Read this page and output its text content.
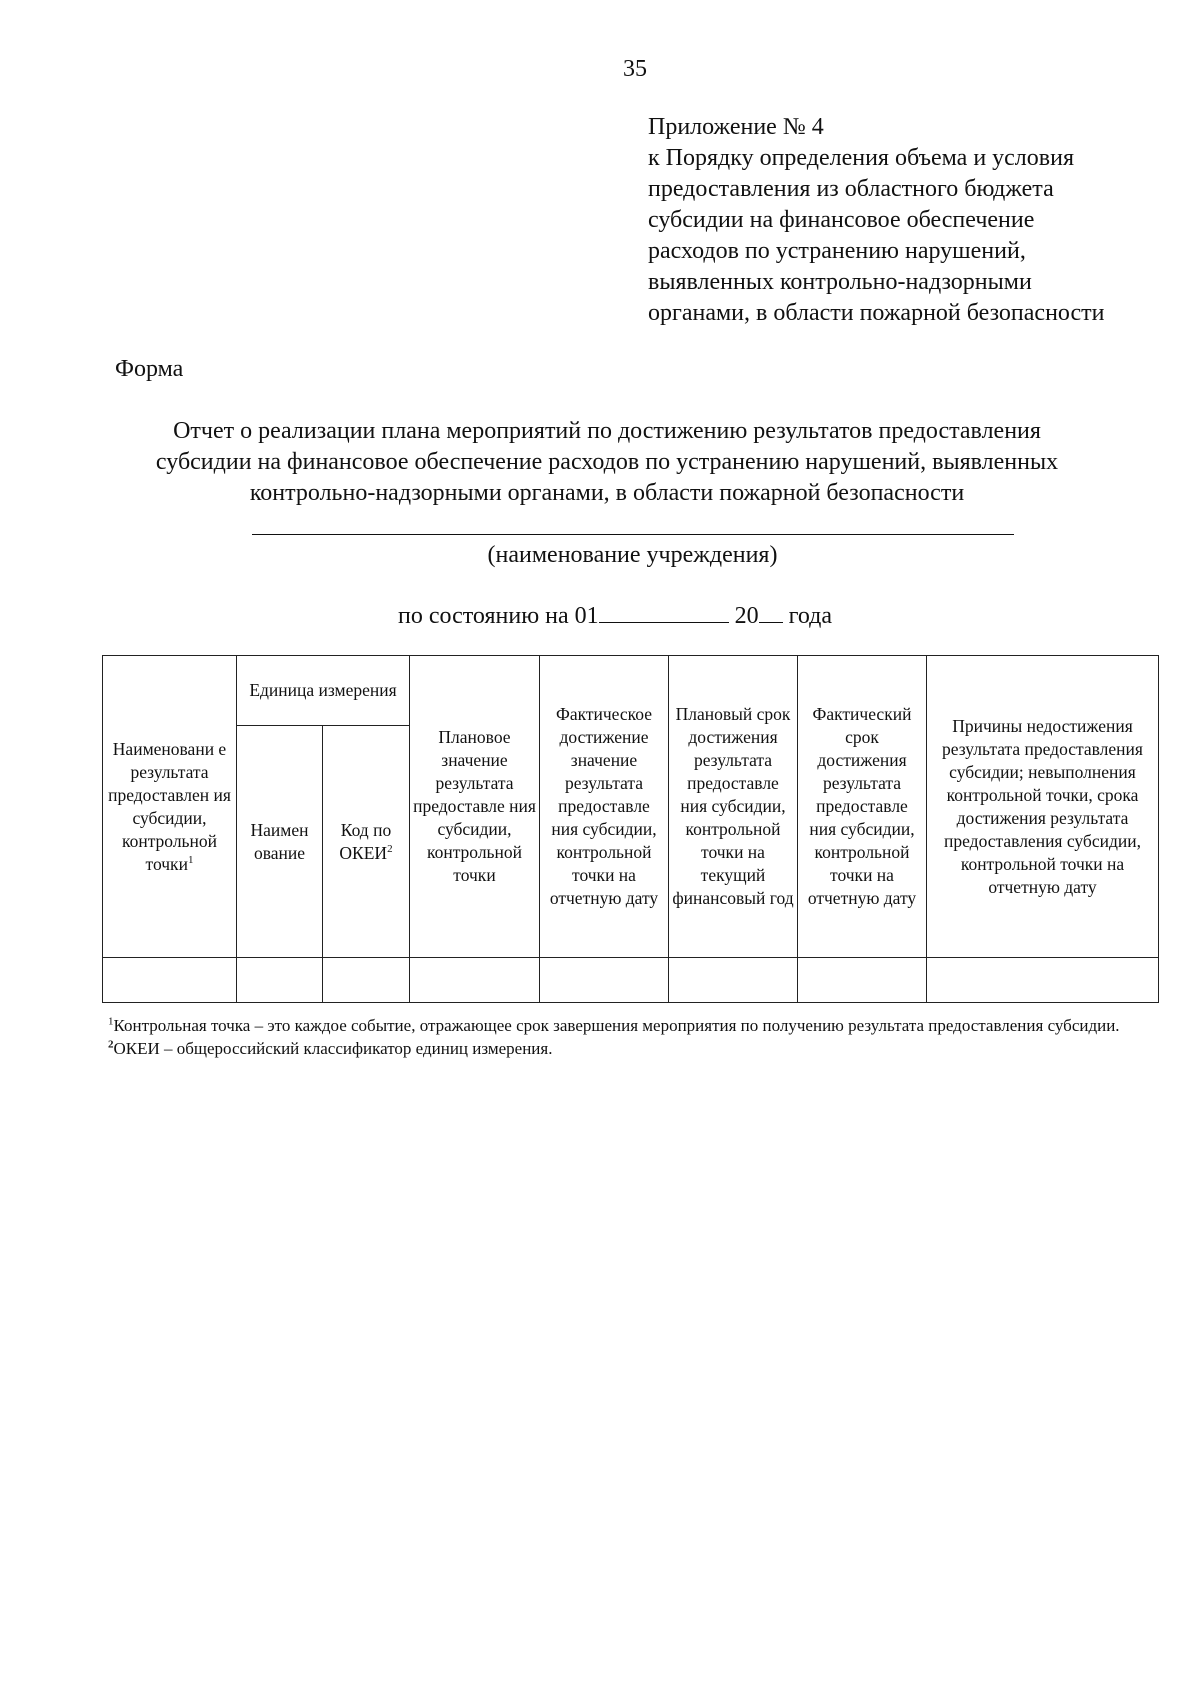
35
Приложение № 4
к Порядку определения объема и условия
предоставления из областного бюджета
субсидии на финансовое обеспечение
расходов по устранению нарушений,
выявленных контрольно-надзорными
органами, в области пожарной безопасности
Форма
Отчет о реализации плана мероприятий по достижению результатов предоставления
субсидии на финансовое обеспечение расходов по устранению нарушений, выявленных
контрольно-надзорными органами, в области пожарной безопасности
(наименование учреждения)
по состоянию на 01	20 года
Наименовани е результата предоставлен ия субсидии, контрольной точки$^1$	Единица измерения		Плановое значение результата предоставле ния субсидии, контрольной точки	Фактическое достижение значение результата предоставле ния субсидии, контрольной точки на отчетную дату	Плановый срок достижения результата предоставле ния субсидии, контрольной точки на текущий финансовый год	Фактический срок достижения результата предоставле ния субсидии, контрольной точки на отчетную дату	Причины недостижения результата предоставления субсидии; невыполнения контрольной точки, срока достижения результата предоставления субсидии, контрольной точки на отчетную дату
	Наимен ование	Код по ОКЕИ$^2$

$^1$Контрольная точка – это каждое событие, отражающее срок завершения мероприятия по получению результата предоставления субсидии.
$^2$ОКЕИ – общероссийский классификатор единиц измерения.
